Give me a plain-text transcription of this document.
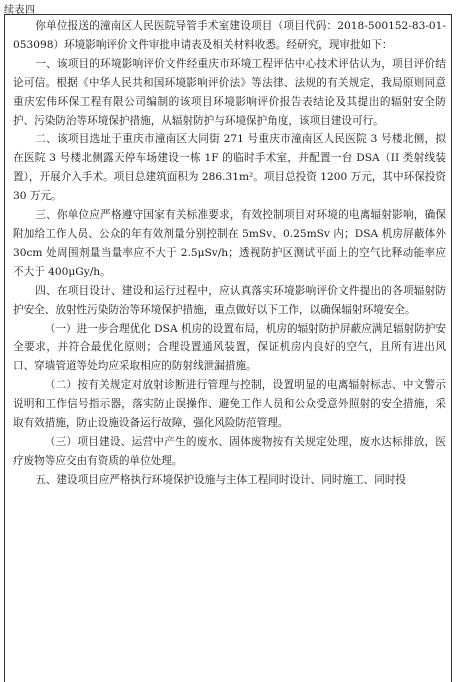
续表四

你单位报送的潼南区人民医院导管手术室建设项目（项目代码：2018-500152-83-01-053098）环境影响评价文件审批申请表及相关材料收悉。经研究，现审批如下：

一、该项目的环境影响评价文件经重庆市环境工程评估中心技术评估认为，项目评价结论可信。根据《中华人民共和国环境影响评价法》等法律、法规的有关规定，我局原则同意重庆宏伟环保工程有限公司编制的该项目环境影响评价报告表结论及其提出的辐射安全防护、污染防治等环境保护措施，从辐射防护与环境保护角度，该项目建设可行。

二、该项目选址于重庆市潼南区大同街 271 号重庆市潼南区人民医院 3 号楼北侧，拟在医院 3 号楼北侧露天停车场建设一栋 1F 的临时手术室，并配置一台 DSA（II 类射线装置），开展介入手术。项目总建筑面积为 286.31m²。项目总投资 1200 万元，其中环保投资 30 万元。

三、你单位应严格遵守国家有关标准要求，有效控制项目对环境的电离辐射影响，确保附加给工作人员、公众的年有效剂量分别控制在 5mSv、0.25mSv 内；DSA 机房屏蔽体外 30cm 处周围剂量当量率应不大于 2.5μSv/h；透视防护区测试平面上的空气比释动能率应不大于 400μGy/h。

四、在项目设计、建设和运行过程中，应认真落实环境影响评价文件提出的各项辐射防护安全、放射性污染防治等环境保护措施，重点做好以下工作，以确保辐射环境安全。

（一）进一步合理优化 DSA 机房的设置布局，机房的辐射防护屏蔽应满足辐射防护安全要求，并符合最优化原则；合理设置通风装置，保证机房内良好的空气，且所有进出风口、穿墙管道等处均应采取相应的防射线泄漏措施。

（二）按有关规定对放射诊断进行管理与控制，设置明显的电离辐射标志、中文警示说明和工作信号指示器，落实防止误操作、避免工作人员和公众受意外照射的安全措施，采取有效措施，防止设施设备运行故障，强化风险防范管理。

（三）项目建设、运营中产生的废水、固体废物按有关规定处理，废水达标排放，医疗废物等应交由有资质的单位处理。

五、建设项目应严格执行环境保护设施与主体工程同时设计、同时施工、同时投
